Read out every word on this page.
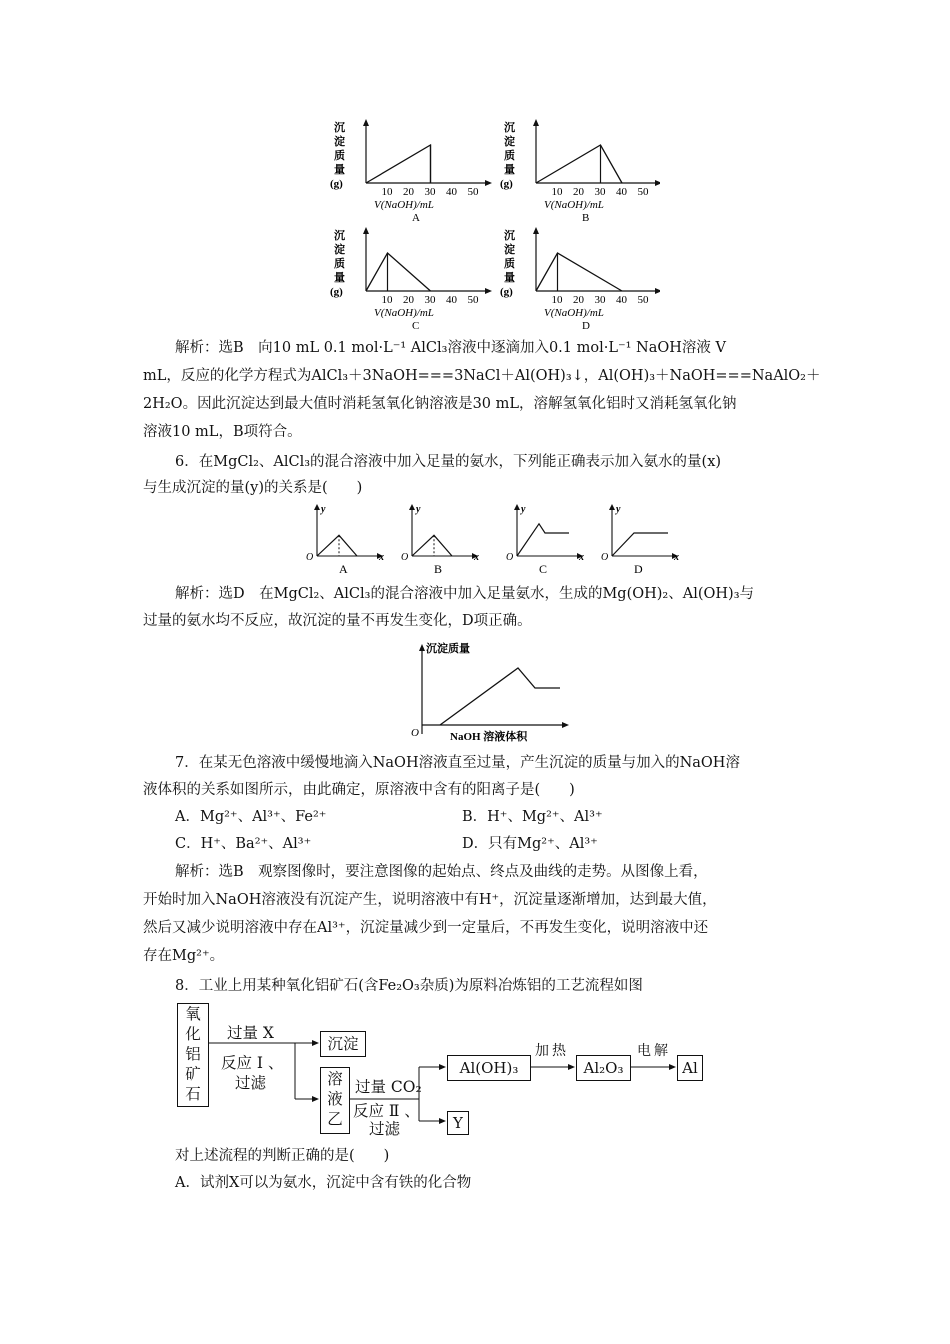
沉
淀
质
量
(g)
10 20 30 40 50
V(NaOH)/mL
A
沉
淀
质
量
(g)
10 20 30 40 50
V(NaOH)/mL
B
沉
淀
质
量
(g)
10 20 30 40 50
V(NaOH)/mL
C
沉
淀
质
量
(g)
10 20 30 40 50
V(NaOH)/mL
D
解析：选B　向10 mL 0.1 mol·L⁻¹ AlCl₃溶液中逐滴加入0.1 mol·L⁻¹ NaOH溶液 V
mL，反应的化学方程式为AlCl₃＋3NaOH===3NaCl＋Al(OH)₃↓，Al(OH)₃＋NaOH===NaAlO₂＋
2H₂O。因此沉淀达到最大值时消耗氢氧化钠溶液是30 mL，溶解氢氧化铝时又消耗氢氧化钠
溶液10 mL，B项符合。
6．在MgCl₂、AlCl₃的混合溶液中加入足量的氨水，下列能正确表示加入氨水的量(x)
与生成沉淀的量(y)的关系是(　　)
y
x
O
A
y
x
O
B
y
x
O
C
y
x
O
D
解析：选D　在MgCl₂、AlCl₃的混合溶液中加入足量氨水，生成的Mg(OH)₂、Al(OH)₃与
过量的氨水均不反应，故沉淀的量不再发生变化，D项正确。
沉淀质量
NaOH 溶液体积
O
7．在某无色溶液中缓慢地滴入NaOH溶液直至过量，产生沉淀的质量与加入的NaOH溶
液体积的关系如图所示，由此确定，原溶液中含有的阳离子是(　　)
A．Mg²⁺、Al³⁺、Fe²⁺	B．H⁺、Mg²⁺、Al³⁺
C．H⁺、Ba²⁺、Al³⁺	D．只有Mg²⁺、Al³⁺
解析：选B　观察图像时，要注意图像的起始点、终点及曲线的走势。从图像上看，
开始时加入NaOH溶液没有沉淀产生，说明溶液中有H⁺，沉淀量逐渐增加，达到最大值，
然后又减少说明溶液中存在Al³⁺，沉淀量减少到一定量后，不再发生变化，说明溶液中还
存在Mg²⁺。
8．工业上用某种氧化铝矿石(含Fe₂O₃杂质)为原料冶炼铝的工艺流程如图
氧
化
铝
矿
石
过量 X
反应 Ⅰ 、
过滤
沉淀
溶
液
乙
过量 CO₂
反应 Ⅱ 、
过滤
Al(OH)₃
加热
Al₂O₃
电解
Al
Y
对上述流程的判断正确的是(　　)
A．试剂X可以为氨水，沉淀中含有铁的化合物
